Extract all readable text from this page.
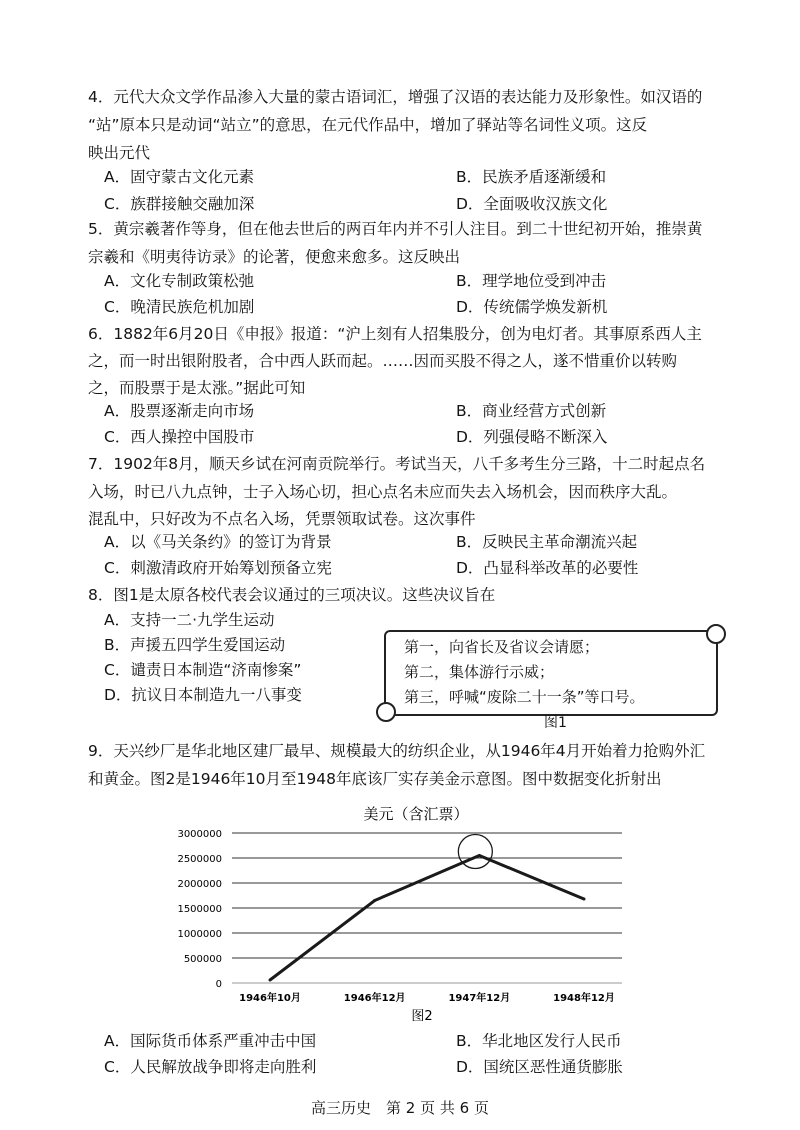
4．元代大众文学作品渗入大量的蒙古语词汇，增强了汉语的表达能力及形象性。如汉语的
“站”原本只是动词“站立”的意思，在元代作品中，增加了驿站等名词性义项。这反
映出元代
A．固守蒙古文化元素	B．民族矛盾逐渐缓和
C．族群接触交融加深	D．全面吸收汉族文化
5．黄宗羲著作等身，但在他去世后的两百年内并不引人注目。到二十世纪初开始，推崇黄
宗羲和《明夷待访录》的论著，便愈来愈多。这反映出
A．文化专制政策松弛	B．理学地位受到冲击
C．晚清民族危机加剧	D．传统儒学焕发新机
6．1882年6月20日《申报》报道：“沪上刻有人招集股分，创为电灯者。其事原系西人主
之，而一时出银附股者，合中西人跃而起。……因而买股不得之人，遂不惜重价以转购
之，而股票于是太涨。”据此可知
A．股票逐渐走向市场	B．商业经营方式创新
C．西人操控中国股市	D．列强侵略不断深入
7．1902年8月，顺天乡试在河南贡院举行。考试当天，八千多考生分三路，十二时起点名
入场，时已八九点钟，士子入场心切，担心点名未应而失去入场机会，因而秩序大乱。
混乱中，只好改为不点名入场，凭票领取试卷。这次事件
A．以《马关条约》的签订为背景	B．反映民主革命潮流兴起
C．刺激清政府开始筹划预备立宪	D．凸显科举改革的必要性
8．图1是太原各校代表会议通过的三项决议。这些决议旨在
A．支持一二·九学生运动
B．声援五四学生爱国运动
C．谴责日本制造“济南惨案”
D．抗议日本制造九一八事变
第一，向省长及省议会请愿；
第二，集体游行示威；
第三，呼喊“废除二十一条”等口号。
图1
9．天兴纱厂是华北地区建厂最早、规模最大的纺织企业，从1946年4月开始着力抢购外汇
和黄金。图2是1946年10月至1948年底该厂实存美金示意图。图中数据变化折射出
美元（含汇票）
0
500000
1000000
1500000
2000000
2500000
3000000
1946年10月	1946年12月	1947年12月	1948年12月
图2
A．国际货币体系严重冲击中国	B．华北地区发行人民币
C．人民解放战争即将走向胜利	D．国统区恶性通货膨胀
高三历史　第 2 页 共 6 页
